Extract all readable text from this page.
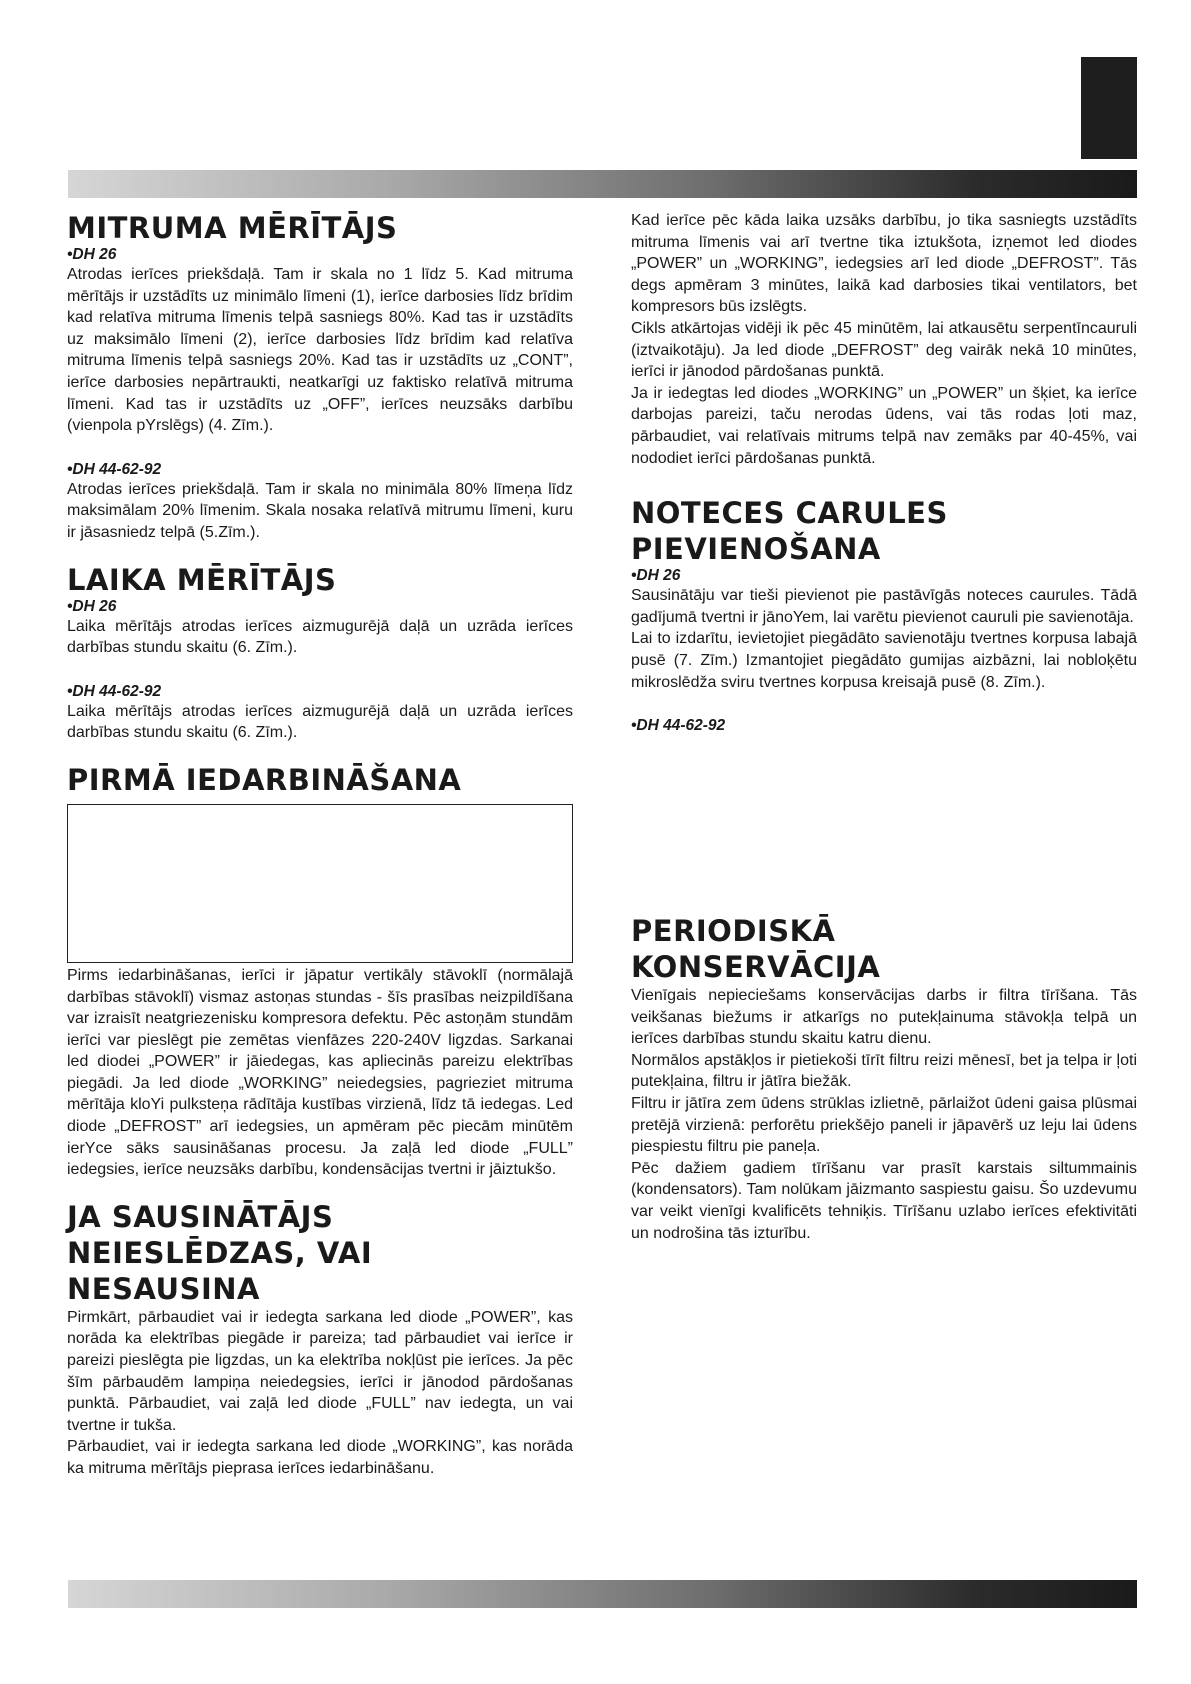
MITRUMA MĒRĪTĀJS
•DH 26

Atrodas ierīces priekšdaļā. Tam ir skala no 1 līdz 5. Kad mitruma mērītājs ir uzstādīts uz minimālo līmeni (1), ierīce darbosies līdz brīdim kad relatīva mitruma līmenis telpā sasniegs 80%. Kad tas ir uzstādīts uz maksimālo līmeni (2), ierīce darbosies līdz brīdim kad relatīva mitruma līmenis telpā sasniegs 20%. Kad tas ir uzstādīts uz „CONT”, ierīce darbosies nepārtraukti, neatkarīgi uz faktisko relatīvā mitruma līmeni. Kad tas ir uzstādīts uz „OFF”, ierīces neuzsāks darbību (vienpola pYrslēgs) (4. Zīm.).

•DH 44-62-92

Atrodas ierīces priekšdaļā. Tam ir skala no minimāla 80% līmeņa līdz maksimālam 20% līmenim. Skala nosaka relatīvā mitrumu līmeni, kuru ir jāsasniedz telpā (5.Zīm.).

LAIKA MĒRĪTĀJS
•DH 26

Laika mērītājs atrodas ierīces aizmugurējā daļā un uzrāda ierīces darbības stundu skaitu (6. Zīm.).

•DH 44-62-92

Laika mērītājs atrodas ierīces aizmugurējā daļā un uzrāda ierīces darbības stundu skaitu (6. Zīm.).

PIRMĀ IEDARBINĀŠANA

Pirms iedarbināšanas, ierīci ir jāpatur vertikāly stāvoklī (normālajā darbības stāvoklī) vismaz astoņas stundas - šīs prasības neizpildīšana var izraisīt neatgriezenisku kompresora defektu. Pēc astoņām stundām ierīci var pieslēgt pie zemētas vienfāzes 220-240V ligzdas. Sarkanai led diodei „POWER” ir jāiedegas, kas apliecinās pareizu elektrības piegādi. Ja led diode „WORKING” neiedegsies, pagrieziet mitruma mērītāja kloYi pulksteņa rādītāja kustības virzienā, līdz tā iedegas. Led diode „DEFROST” arī iedegsies, un apmēram pēc piecām minūtēm ierYce sāks sausināšanas procesu. Ja zaļā led diode „FULL” iedegsies, ierīce neuzsāks darbību, kondensācijas tvertni ir jāiztukšo.

JA SAUSINĀTĀJS
NEIESLĒDZAS, VAI
NESAUSINA

Pirmkārt, pārbaudiet vai ir iedegta sarkana led diode „POWER”, kas norāda ka elektrības piegāde ir pareiza; tad pārbaudiet vai ierīce ir pareizi pieslēgta pie ligzdas, un ka elektrība nokļūst pie ierīces. Ja pēc šīm pārbaudēm lampiņa neiedegsies, ierīci ir jānodod pārdošanas punktā. Pārbaudiet, vai zaļā led diode „FULL” nav iedegta, un vai tvertne ir tukša.

Pārbaudiet, vai ir iedegta sarkana led diode „WORKING”, kas norāda ka mitruma mērītājs pieprasa ierīces iedarbināšanu.

Kad ierīce pēc kāda laika uzsāks darbību, jo tika sasniegts uzstādīts mitruma līmenis vai arī tvertne tika iztukšota, izņemot led diodes „POWER” un „WORKING”, iedegsies arī led diode „DEFROST”. Tās degs apmēram 3 minūtes, laikā kad darbosies tikai ventilators, bet kompresors būs izslēgts.

Cikls atkārtojas vidēji ik pēc 45 minūtēm, lai atkausētu serpentīncauruli (iztvaikotāju). Ja led diode „DEFROST” deg vairāk nekā 10 minūtes, ierīci ir jānodod pārdošanas punktā.

Ja ir iedegtas led diodes „WORKING” un „POWER” un šķiet, ka ierīce darbojas pareizi, taču nerodas ūdens, vai tās rodas ļoti maz, pārbaudiet, vai relatīvais mitrums telpā nav zemāks par 40-45%, vai nododiet ierīci pārdošanas punktā.

NOTECES CARULES
PIEVIENOŠANA
•DH 26

Sausinātāju var tieši pievienot pie pastāvīgās noteces caurules. Tādā gadījumā tvertni ir jānoYem, lai varētu pievienot cauruli pie savienotāja.

Lai to izdarītu, ievietojiet piegādāto savienotāju tvertnes korpusa labajā pusē (7. Zīm.) Izmantojiet piegādāto gumijas aizbāzni, lai nobloķētu mikroslēdža sviru tvertnes korpusa kreisajā pusē (8. Zīm.).

•DH 44-62-92
PERIODISKĀ
KONSERVĀCIJA

Vienīgais nepieciešams konservācijas darbs ir filtra tīrīšana. Tās veikšanas biežums ir atkarīgs no putekļainuma stāvokļa telpā un ierīces darbības stundu skaitu katru dienu.

Normālos apstākļos ir pietiekoši tīrīt filtru reizi mēnesī, bet ja telpa ir ļoti putekļaina, filtru ir jātīra biežāk.

Filtru ir jātīra zem ūdens strūklas izlietnē, pārlaižot ūdeni gaisa plūsmai pretējā virzienā: perforētu priekšējo paneli ir jāpavērš uz leju lai ūdens piespiestu filtru pie paneļa.

Pēc dažiem gadiem tīrīšanu var prasīt karstais siltummainis (kondensators). Tam nolūkam jāizmanto saspiestu gaisu. Šo uzdevumu var veikt vienīgi kvalificēts tehniķis. Tīrīšanu uzlabo ierīces efektivitāti un nodrošina tās izturību.
